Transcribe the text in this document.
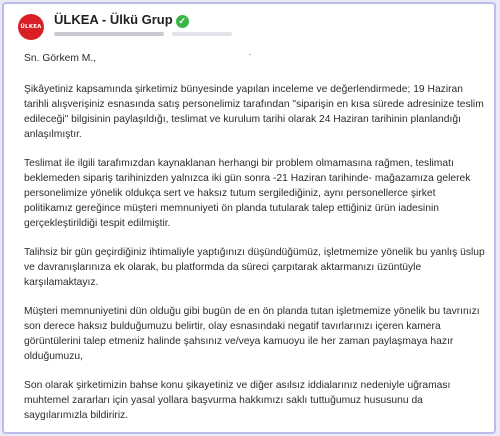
ÜLKEA ÜLKEA - Ülkü Grup ✓
Sn. Görkem M.,
.

Şikâyetiniz kapsamında şirketimiz bünyesinde yapılan inceleme ve değerlendirmede; 19 Haziran tarihli alışverişiniz esnasında satış personelimiz tarafından "siparişin en kısa sürede adresinize teslim edileceği" bilgisinin paylaşıldığı, teslimat ve kurulum tarihi olarak 24 Haziran tarihinin planlandığı anlaşılmıştır.

Teslimat ile ilgili tarafımızdan kaynaklanan herhangi bir problem olmamasına rağmen, teslimatı beklemeden sipariş tarihinizden yalnızca iki gün sonra -21 Haziran tarihinde- mağazamıza gelerek personelimize yönelik oldukça sert ve haksız tutum sergilediğiniz, aynı personellerce şirket politikamız gereğince müşteri memnuniyeti ön planda tutularak talep ettiğiniz ürün iadesinin gerçekleştirildiği tespit edilmiştir.

Talihsiz bir gün geçirdiğiniz ihtimaliyle yaptığınızı düşündüğümüz, işletmemize yönelik bu yanlış üslup ve davranışlarınıza ek olarak, bu platformda da süreci çarpıtarak aktarmanızı üzüntüyle karşılamaktayız.

Müşteri memnuniyetini dün olduğu gibi bugün de en ön planda tutan işletmemize yönelik bu tavrınızı son derece haksız bulduğumuzu belirtir, olay esnasındaki negatif tavırlarınızı içeren kamera görüntülerini talep etmeniz halinde şahsınız ve/veya kamuoyu ile her zaman paylaşmaya hazır olduğumuzu,

Son olarak şirketimizin bahse konu şikayetiniz ve diğer asılsız iddialarınız nedeniyle uğraması muhtemel zararları için yasal yollara başvurma hakkımızı saklı tuttuğumuz hususunu da saygılarımızla bildiririz.
